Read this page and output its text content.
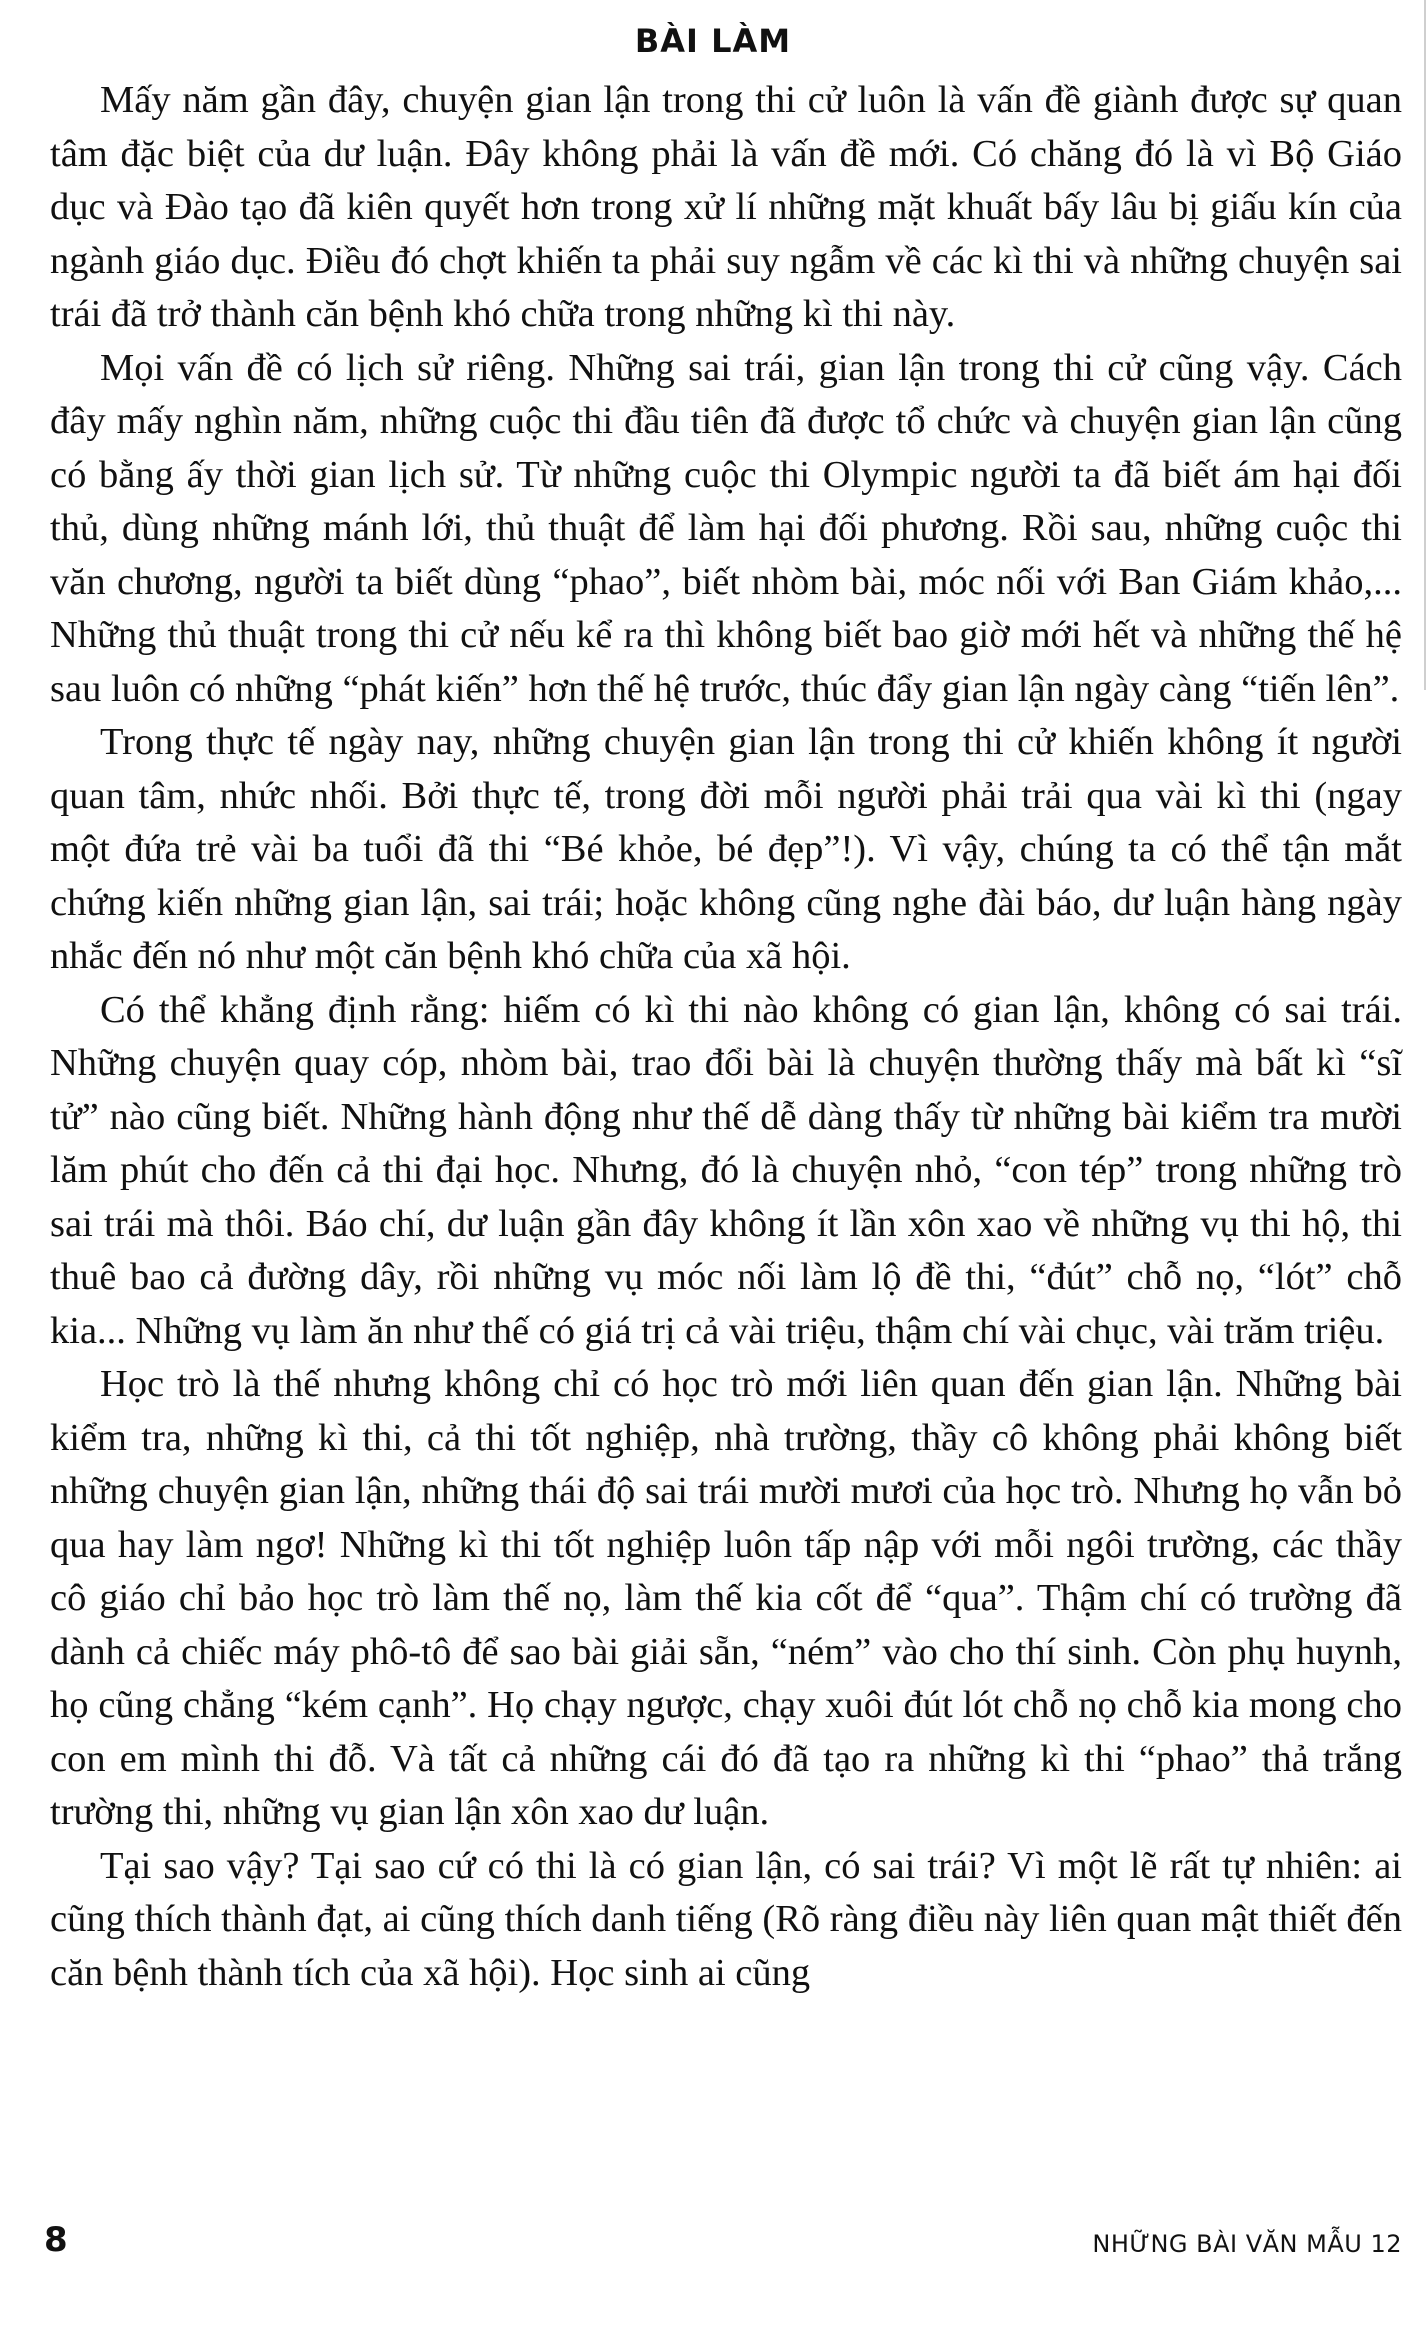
BÀI LÀM

Mấy năm gần đây, chuyện gian lận trong thi cử luôn là vấn đề giành được sự quan tâm đặc biệt của dư luận. Đây không phải là vấn đề mới. Có chăng đó là vì Bộ Giáo dục và Đào tạo đã kiên quyết hơn trong xử lí những mặt khuất bấy lâu bị giấu kín của ngành giáo dục. Điều đó chợt khiến ta phải suy ngẫm về các kì thi và những chuyện sai trái đã trở thành căn bệnh khó chữa trong những kì thi này.

Mọi vấn đề có lịch sử riêng. Những sai trái, gian lận trong thi cử cũng vậy. Cách đây mấy nghìn năm, những cuộc thi đầu tiên đã được tổ chức và chuyện gian lận cũng có bằng ấy thời gian lịch sử. Từ những cuộc thi Olympic người ta đã biết ám hại đối thủ, dùng những mánh lới, thủ thuật để làm hại đối phương. Rồi sau, những cuộc thi văn chương, người ta biết dùng “phao”, biết nhòm bài, móc nối với Ban Giám khảo,... Những thủ thuật trong thi cử nếu kể ra thì không biết bao giờ mới hết và những thế hệ sau luôn có những “phát kiến” hơn thế hệ trước, thúc đẩy gian lận ngày càng “tiến lên”.

Trong thực tế ngày nay, những chuyện gian lận trong thi cử khiến không ít người quan tâm, nhức nhối. Bởi thực tế, trong đời mỗi người phải trải qua vài kì thi (ngay một đứa trẻ vài ba tuổi đã thi “Bé khỏe, bé đẹp”!). Vì vậy, chúng ta có thể tận mắt chứng kiến những gian lận, sai trái; hoặc không cũng nghe đài báo, dư luận hàng ngày nhắc đến nó như một căn bệnh khó chữa của xã hội.

Có thể khẳng định rằng: hiếm có kì thi nào không có gian lận, không có sai trái. Những chuyện quay cóp, nhòm bài, trao đổi bài là chuyện thường thấy mà bất kì “sĩ tử” nào cũng biết. Những hành động như thế dễ dàng thấy từ những bài kiểm tra mười lăm phút cho đến cả thi đại học. Nhưng, đó là chuyện nhỏ, “con tép” trong những trò sai trái mà thôi. Báo chí, dư luận gần đây không ít lần xôn xao về những vụ thi hộ, thi thuê bao cả đường dây, rồi những vụ móc nối làm lộ đề thi, “đút” chỗ nọ, “lót” chỗ kia... Những vụ làm ăn như thế có giá trị cả vài triệu, thậm chí vài chục, vài trăm triệu.

Học trò là thế nhưng không chỉ có học trò mới liên quan đến gian lận. Những bài kiểm tra, những kì thi, cả thi tốt nghiệp, nhà trường, thầy cô không phải không biết những chuyện gian lận, những thái độ sai trái mười mươi của học trò. Nhưng họ vẫn bỏ qua hay làm ngơ! Những kì thi tốt nghiệp luôn tấp nập với mỗi ngôi trường, các thầy cô giáo chỉ bảo học trò làm thế nọ, làm thế kia cốt để “qua”. Thậm chí có trường đã dành cả chiếc máy phô-tô để sao bài giải sẵn, “ném” vào cho thí sinh. Còn phụ huynh, họ cũng chẳng “kém cạnh”. Họ chạy ngược, chạy xuôi đút lót chỗ nọ chỗ kia mong cho con em mình thi đỗ. Và tất cả những cái đó đã tạo ra những kì thi “phao” thả trắng trường thi, những vụ gian lận xôn xao dư luận.

Tại sao vậy? Tại sao cứ có thi là có gian lận, có sai trái? Vì một lẽ rất tự nhiên: ai cũng thích thành đạt, ai cũng thích danh tiếng (Rõ ràng điều này liên quan mật thiết đến căn bệnh thành tích của xã hội). Học sinh ai cũng

8	NHỮNG BÀI VĂN MẪU 12
